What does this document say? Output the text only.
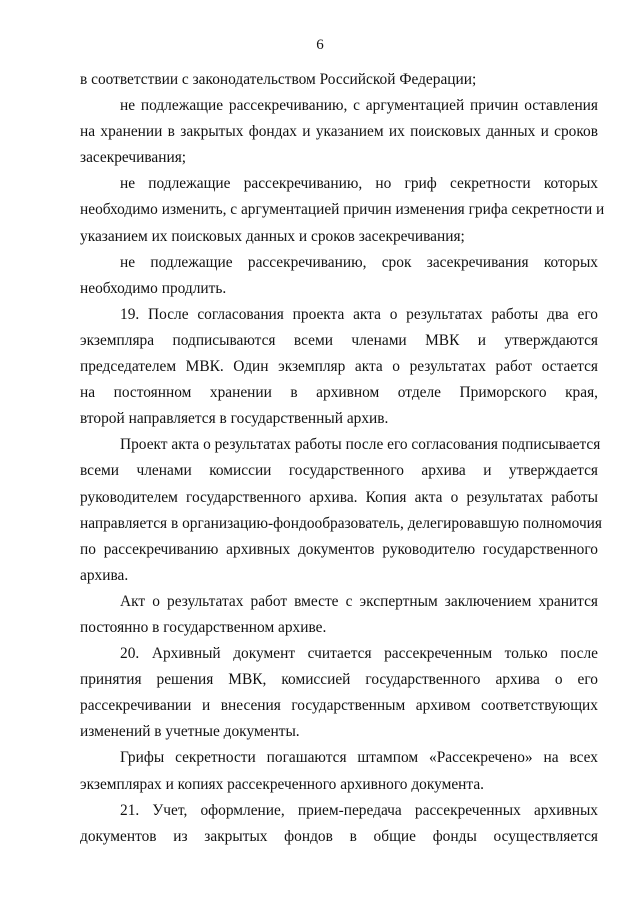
6
в соответствии с законодательством Российской Федерации;
не подлежащие рассекречиванию, с аргументацией причин оставления
на хранении в закрытых фондах и указанием их поисковых данных и сроков
засекречивания;
не подлежащие рассекречиванию, но гриф секретности которых
необходимо изменить, с аргументацией причин изменения грифа секретности и
указанием их поисковых данных и сроков засекречивания;
не подлежащие рассекречиванию, срок засекречивания которых
необходимо продлить.
19. После согласования проекта акта о результатах работы два его
экземпляра подписываются всеми членами МВК и утверждаются
председателем МВК. Один экземпляр акта о результатах работ остается
на постоянном хранении в архивном отделе Приморского края,
второй направляется в государственный архив.
Проект акта о результатах работы после его согласования подписывается
всеми членами комиссии государственного архива и утверждается
руководителем государственного архива. Копия акта о результатах работы
направляется в организацию-фондообразователь, делегировавшую полномочия
по рассекречиванию архивных документов руководителю государственного
архива.
Акт о результатах работ вместе с экспертным заключением хранится
постоянно в государственном архиве.
20. Архивный документ считается рассекреченным только после
принятия решения МВК, комиссией государственного архива о его
рассекречивании и внесения государственным архивом соответствующих
изменений в учетные документы.
Грифы секретности погашаются штампом «Рассекречено» на всех
экземплярах и копиях рассекреченного архивного документа.
21. Учет, оформление, прием-передача рассекреченных архивных
документов из закрытых фондов в общие фонды осуществляется
